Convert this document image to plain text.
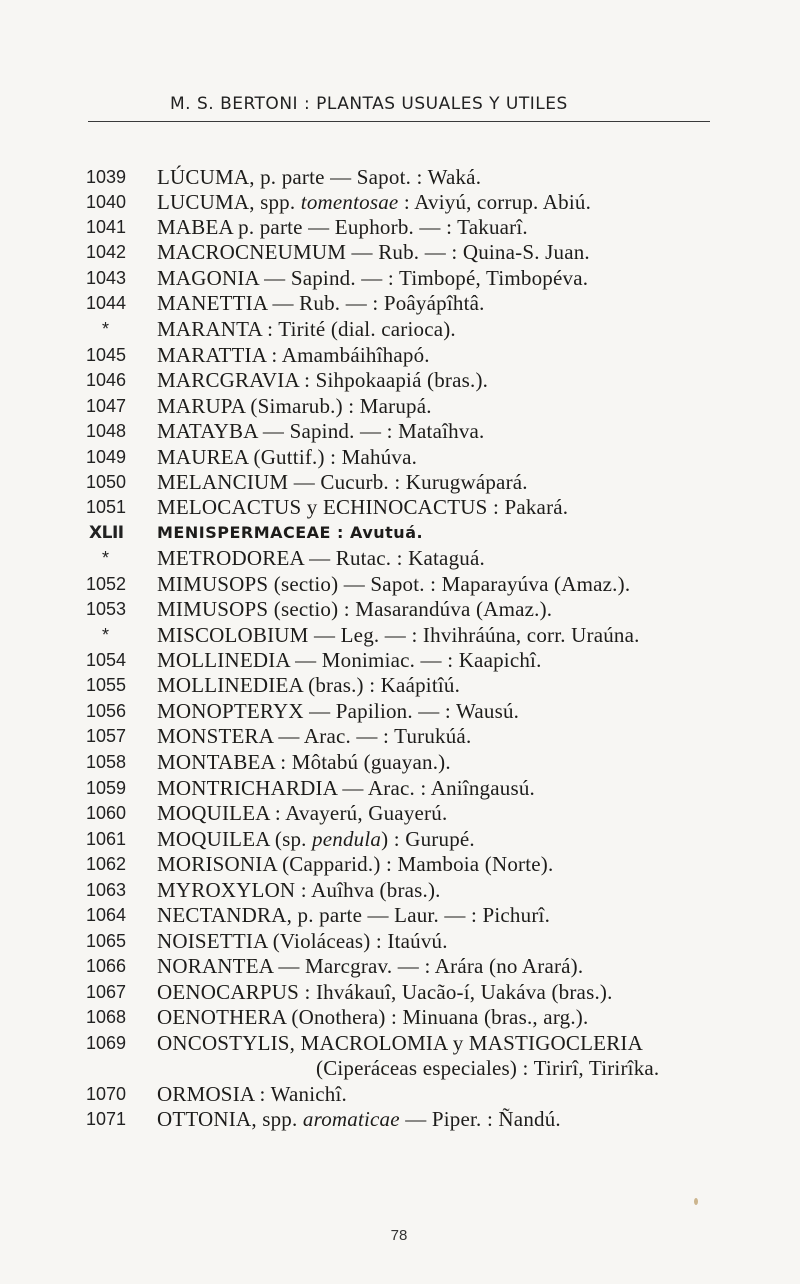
M. S. BERTONI : PLANTAS USUALES Y UTILES
1039	LÚCUMA, p. parte — Sapot. : Waká.
1040	LUCUMA, spp. tomentosae : Aviyú, corrup. Abiú.
1041	MABEA p. parte — Euphorb. — : Takuarî.
1042	MACROCNEUMUM — Rub. — : Quina-S. Juan.
1043	MAGONIA — Sapind. — : Timbopé, Timbopéva.
1044	MANETTIA — Rub. — : Poâyápîhtâ.
*	MARANTA : Tirité (dial. carioca).
1045	MARATTIA : Amambáihîhapó.
1046	MARCGRAVIA : Sihpokaapiá (bras.).
1047	MARUPA (Simarub.) : Marupá.
1048	MATAYBA — Sapind. — : Mataîhva.
1049	MAUREA (Guttif.) : Mahúva.
1050	MELANCIUM — Cucurb. : Kurugwápará.
1051	MELOCACTUS y ECHINOCACTUS : Pakará.
XLII	MENISPERMACEAE : Avutuá.
*	METRODOREA — Rutac. : Kataguá.
1052	MIMUSOPS (sectio) — Sapot. : Maparayúva (Amaz.).
1053	MIMUSOPS (sectio) : Masarandúva (Amaz.).
*	MISCOLOBIUM — Leg. — : Ihvihráúna, corr. Uraúna.
1054	MOLLINEDIA — Monimiac. — : Kaapichî.
1055	MOLLINEDIEA (bras.) : Kaápitîú.
1056	MONOPTERYX — Papilion. — : Wausú.
1057	MONSTERA — Arac. — : Turukúá.
1058	MONTABEA : Môtabú (guayan.).
1059	MONTRICHARDIA — Arac. : Aniîngausú.
1060	MOQUILEA : Avayerú, Guayerú.
1061	MOQUILEA (sp. pendula) : Gurupé.
1062	MORISONIA (Capparid.) : Mamboia (Norte).
1063	MYROXYLON : Auîhva (bras.).
1064	NECTANDRA, p. parte — Laur. — : Pichurî.
1065	NOISETTIA (Violáceas) : Itaúvú.
1066	NORANTEA — Marcgrav. — : Arára (no Arará).
1067	OENOCARPUS : Ihvákauî, Uacão-í, Uakáva (bras.).
1068	OENOTHERA (Onothera) : Minuana (bras., arg.).
1069	ONCOSTYLIS, MACROLOMIA y MASTIGOCLERIA
(Ciperáceas especiales) : Tirirî, Tirirîka.
1070	ORMOSIA : Wanichî.
1071	OTTONIA, spp. aromaticae — Piper. : Ñandú.
78
